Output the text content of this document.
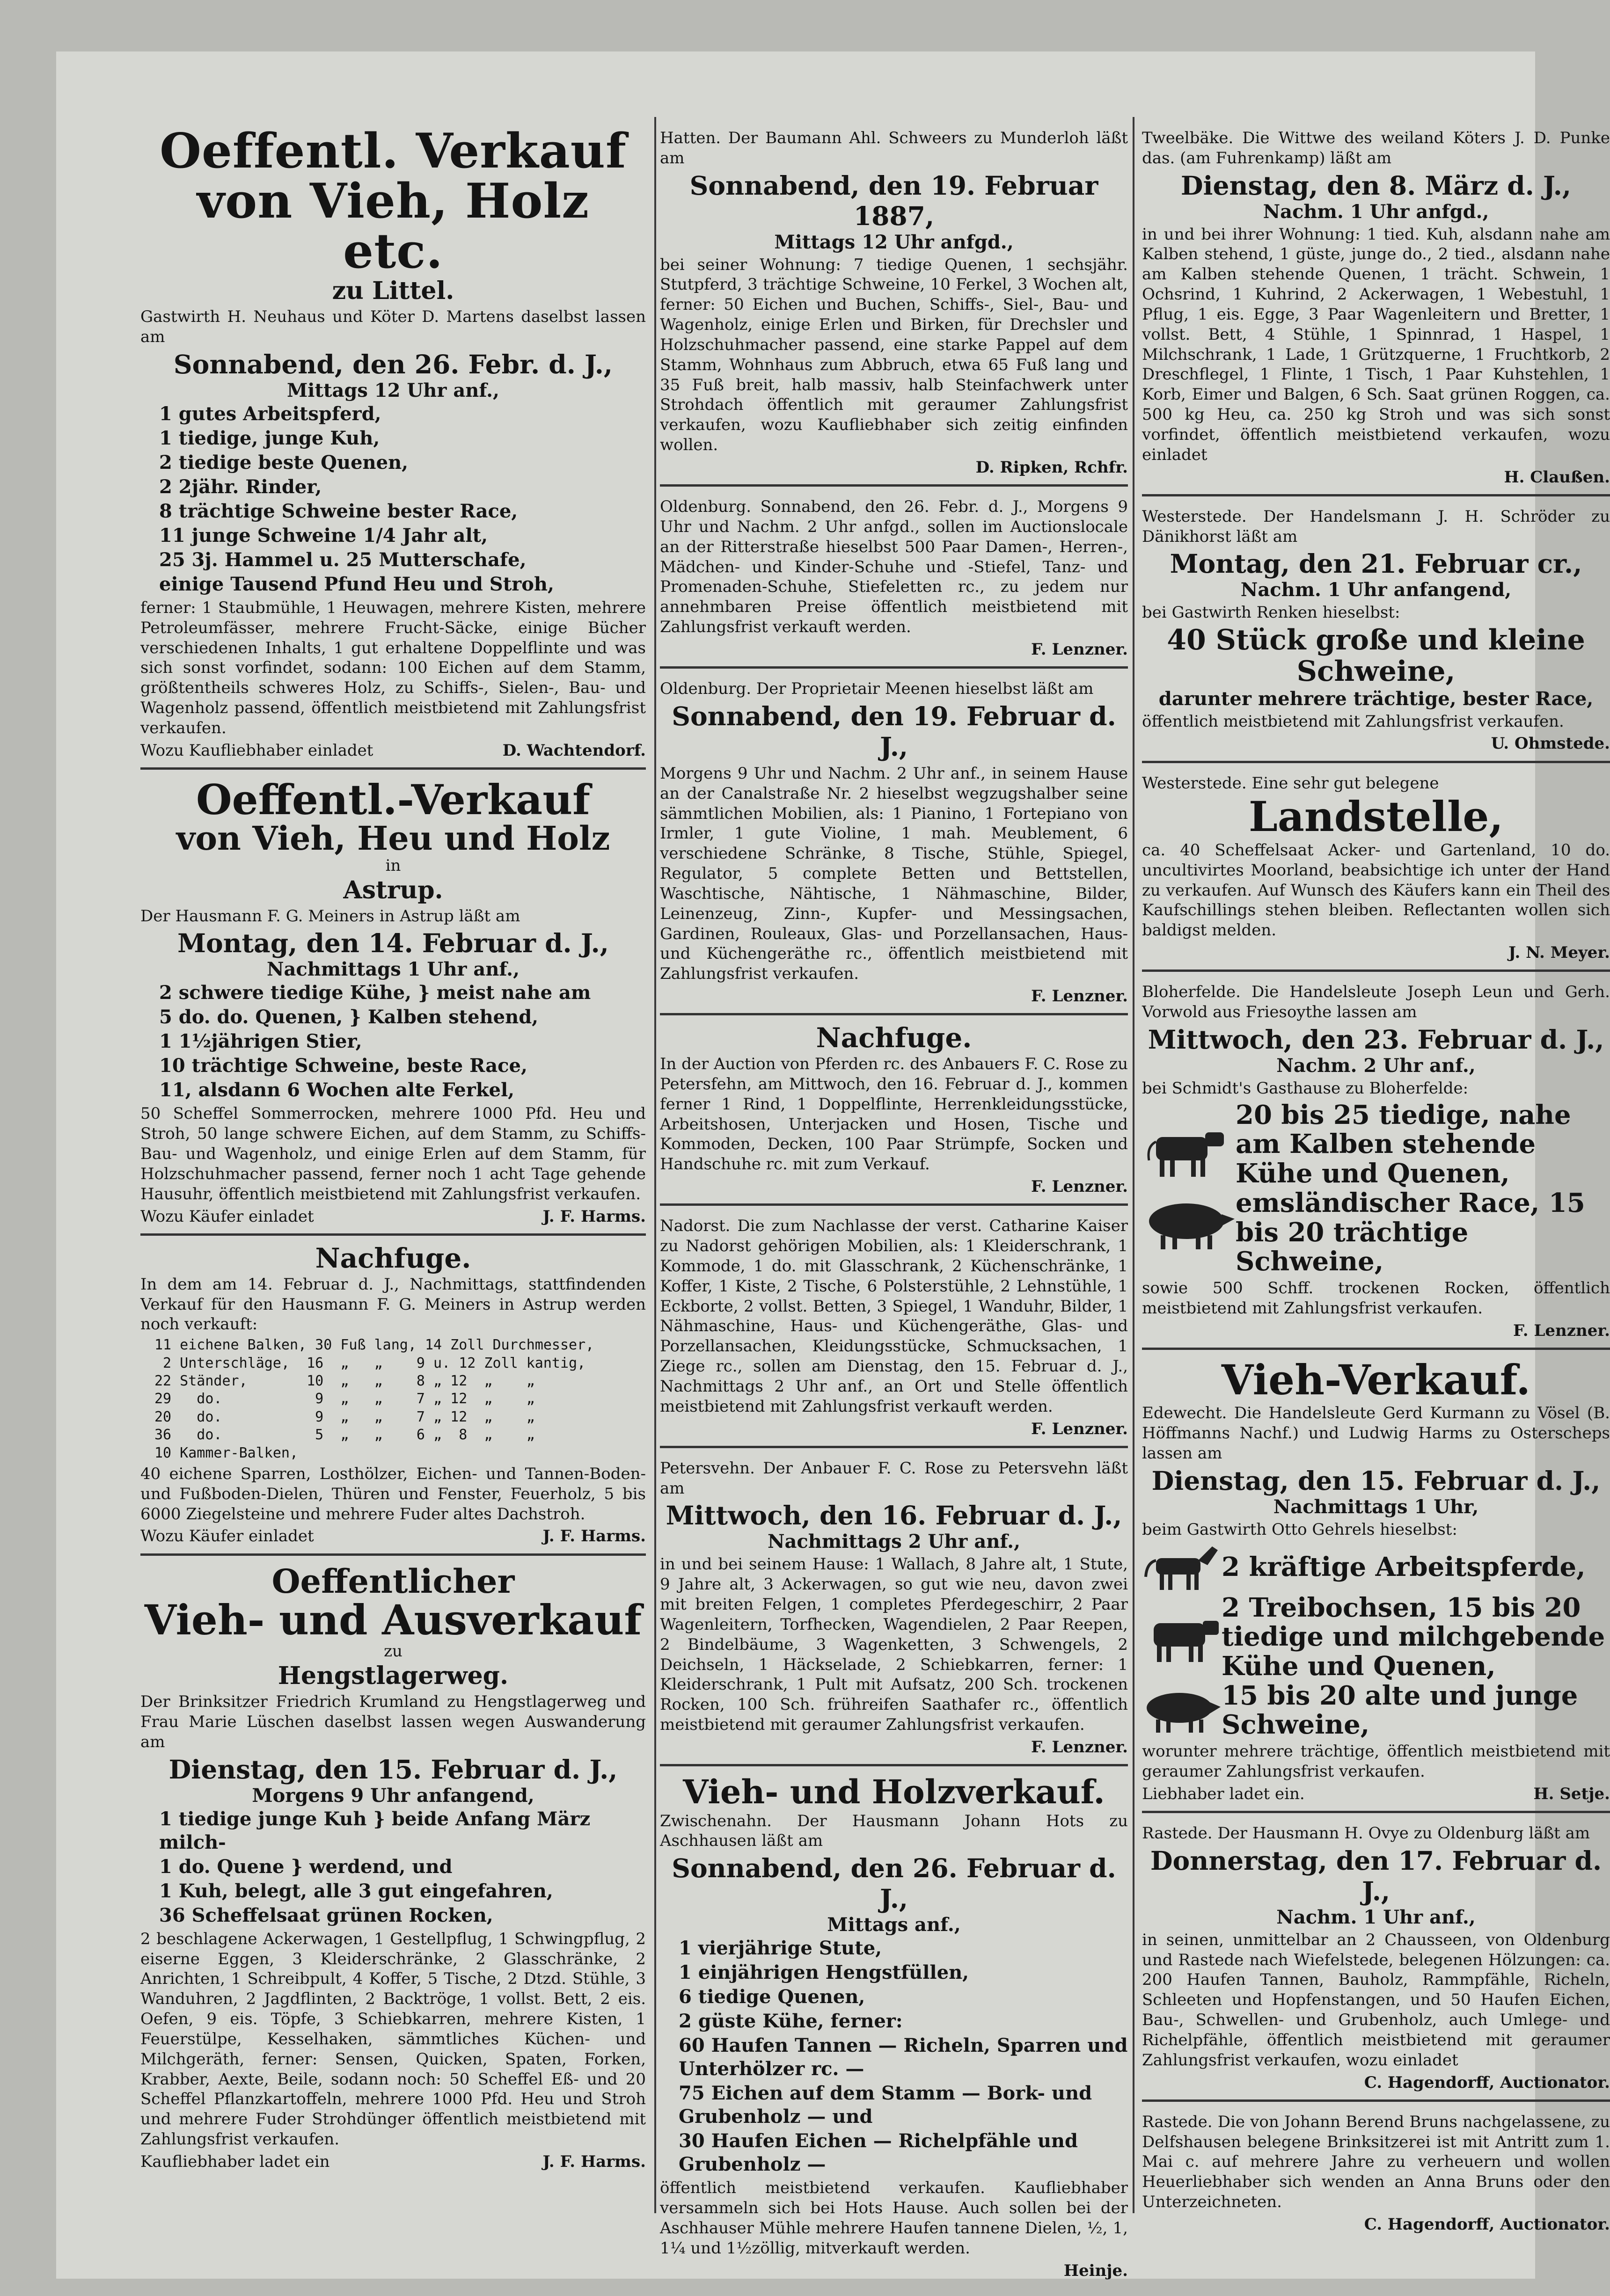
Oeffentl. Verkauf
von Vieh, Holz etc.
zu Littel.

Gastwirth H. Neuhaus und Köter D. Martens daselbst lassen am

Sonnabend, den 26. Febr. d. J.,
Mittags 12 Uhr anf.,
1 gutes Arbeitspferd,
1 tiedige, junge Kuh,
2 tiedige beste Quenen,
2 2jähr. Rinder,
8 trächtige Schweine bester Race,
11 junge Schweine 1/4 Jahr alt,
25 3j. Hammel u. 25 Mutterschafe,
einige Tausend Pfund Heu und Stroh,

ferner: 1 Staubmühle, 1 Heuwagen, mehrere Kisten, mehrere Petroleumfässer, mehrere Frucht-Säcke, einige Bücher verschiedenen Inhalts, 1 gut erhaltene Doppelflinte und was sich sonst vorfindet, sodann: 100 Eichen auf dem Stamm, größtentheils schweres Holz, zu Schiffs-, Sielen-, Bau- und Wagenholz passend, öffentlich meistbietend mit Zahlungsfrist verkaufen.

Wozu Kaufliebhaber einladet	D. Wachtendorf.
Oeffentl.-Verkauf
von Vieh, Heu und Holz
in
Astrup.

Der Hausmann F. G. Meiners in Astrup läßt am

Montag, den 14. Februar d. J.,
Nachmittags 1 Uhr anf.,
2 schwere tiedige Kühe, } meist nahe am
5 do. do. Quenen, } Kalben stehend,
1 1½jährigen Stier,
10 trächtige Schweine, beste Race,
11, alsdann 6 Wochen alte Ferkel,

50 Scheffel Sommerrocken, mehrere 1000 Pfd. Heu und Stroh, 50 lange schwere Eichen, auf dem Stamm, zu Schiffs- Bau- und Wagenholz, und einige Erlen auf dem Stamm, für Holzschuhmacher passend, ferner noch 1 acht Tage gehende Hausuhr, öffentlich meistbietend mit Zahlungsfrist verkaufen.

Wozu Käufer einladet	J. F. Harms.
Nachfuge.

In dem am 14. Februar d. J., Nachmittags, stattfindenden Verkauf für den Hausmann F. G. Meiners in Astrup werden noch verkauft:

11 eichene Balken, 30 Fuß lang, 14 Zoll Durchmesser,
2 Unterschläge,  16  „   „    9 u. 12 Zoll kantig,
22 Ständer,       10  „   „    8 „ 12  „    „
29   do.           9  „   „    7 „ 12  „    „
20   do.           9  „   „    7 „ 12  „    „
36   do.           5  „   „    6 „  8  „    „
10 Kammer-Balken,

40 eichene Sparren, Losthölzer, Eichen- und Tannen-Boden- und Fußboden-Dielen, Thüren und Fenster, Feuerholz, 5 bis 6000 Ziegelsteine und mehrere Fuder altes Dachstroh.

Wozu Käufer einladet	J. F. Harms.
Oeffentlicher
Vieh- und Ausverkauf
zu
Hengstlagerweg.

Der Brinksitzer Friedrich Krumland zu Hengstlagerweg und Frau Marie Lüschen daselbst lassen wegen Auswanderung am

Dienstag, den 15. Februar d. J.,
Morgens 9 Uhr anfangend,
1 tiedige junge Kuh } beide Anfang März milch-
1 do. Quene } werdend, und
1 Kuh, belegt, alle 3 gut eingefahren,
36 Scheffelsaat grünen Rocken,

2 beschlagene Ackerwagen, 1 Gestellpflug, 1 Schwingpflug, 2 eiserne Eggen, 3 Kleiderschränke, 2 Glasschränke, 2 Anrichten, 1 Schreibpult, 4 Koffer, 5 Tische, 2 Dtzd. Stühle, 3 Wanduhren, 2 Jagdflinten, 2 Backtröge, 1 vollst. Bett, 2 eis. Oefen, 9 eis. Töpfe, 3 Schiebkarren, mehrere Kisten, 1 Feuerstülpe, Kesselhaken, sämmtliches Küchen- und Milchgeräth, ferner: Sensen, Quicken, Spaten, Forken, Krabber, Aexte, Beile, sodann noch: 50 Scheffel Eß- und 20 Scheffel Pflanzkartoffeln, mehrere 1000 Pfd. Heu und Stroh und mehrere Fuder Strohdünger öffentlich meistbietend mit Zahlungsfrist verkaufen.

Kaufliebhaber ladet ein	J. F. Harms.

Hatten. Der Baumann Ahl. Schweers zu Munderloh läßt am

Sonnabend, den 19. Februar 1887,
Mittags 12 Uhr anfgd.,

bei seiner Wohnung: 7 tiedige Quenen, 1 sechsjähr. Stutpferd, 3 trächtige Schweine, 10 Ferkel, 3 Wochen alt, ferner: 50 Eichen und Buchen, Schiffs-, Siel-, Bau- und Wagenholz, einige Erlen und Birken, für Drechsler und Holzschuhmacher passend, eine starke Pappel auf dem Stamm, Wohnhaus zum Abbruch, etwa 65 Fuß lang und 35 Fuß breit, halb massiv, halb Steinfachwerk unter Strohdach öffentlich mit geraumer Zahlungsfrist verkaufen, wozu Kaufliebhaber sich zeitig einfinden wollen.

D. Ripken, Rchfr.

Oldenburg. Sonnabend, den 26. Febr. d. J., Morgens 9 Uhr und Nachm. 2 Uhr anfgd., sollen im Auctionslocale an der Ritterstraße hieselbst 500 Paar Damen-, Herren-, Mädchen- und Kinder-Schuhe und -Stiefel, Tanz- und Promenaden-Schuhe, Stiefeletten rc., zu jedem nur annehmbaren Preise öffentlich meistbietend mit Zahlungsfrist verkauft werden.

F. Lenzner.

Oldenburg. Der Proprietair Meenen hieselbst läßt am

Sonnabend, den 19. Februar d. J.,

Morgens 9 Uhr und Nachm. 2 Uhr anf., in seinem Hause an der Canalstraße Nr. 2 hieselbst wegzugshalber seine sämmtlichen Mobilien, als: 1 Pianino, 1 Fortepiano von Irmler, 1 gute Violine, 1 mah. Meublement, 6 verschiedene Schränke, 8 Tische, Stühle, Spiegel, Regulator, 5 complete Betten und Bettstellen, Waschtische, Nähtische, 1 Nähmaschine, Bilder, Leinenzeug, Zinn-, Kupfer- und Messingsachen, Gardinen, Rouleaux, Glas- und Porzellansachen, Haus- und Küchengeräthe rc., öffentlich meistbietend mit Zahlungsfrist verkaufen.

F. Lenzner.
Nachfuge.

In der Auction von Pferden rc. des Anbauers F. C. Rose zu Petersfehn, am Mittwoch, den 16. Februar d. J., kommen ferner 1 Rind, 1 Doppelflinte, Herrenkleidungsstücke, Arbeitshosen, Unterjacken und Hosen, Tische und Kommoden, Decken, 100 Paar Strümpfe, Socken und Handschuhe rc. mit zum Verkauf.

F. Lenzner.

Nadorst. Die zum Nachlasse der verst. Catharine Kaiser zu Nadorst gehörigen Mobilien, als: 1 Kleiderschrank, 1 Kommode, 1 do. mit Glasschrank, 2 Küchenschränke, 1 Koffer, 1 Kiste, 2 Tische, 6 Polsterstühle, 2 Lehnstühle, 1 Eckborte, 2 vollst. Betten, 3 Spiegel, 1 Wanduhr, Bilder, 1 Nähmaschine, Haus- und Küchengeräthe, Glas- und Porzellansachen, Kleidungsstücke, Schmucksachen, 1 Ziege rc., sollen am Dienstag, den 15. Februar d. J., Nachmittags 2 Uhr anf., an Ort und Stelle öffentlich meistbietend mit Zahlungsfrist verkauft werden.

F. Lenzner.

Petersvehn. Der Anbauer F. C. Rose zu Petersvehn läßt am

Mittwoch, den 16. Februar d. J.,
Nachmittags 2 Uhr anf.,

in und bei seinem Hause: 1 Wallach, 8 Jahre alt, 1 Stute, 9 Jahre alt, 3 Ackerwagen, so gut wie neu, davon zwei mit breiten Felgen, 1 completes Pferdegeschirr, 2 Paar Wagenleitern, Torfhecken, Wagendielen, 2 Paar Reepen, 2 Bindelbäume, 3 Wagenketten, 3 Schwengels, 2 Deichseln, 1 Häckselade, 2 Schiebkarren, ferner: 1 Kleiderschrank, 1 Pult mit Aufsatz, 200 Sch. trockenen Rocken, 100 Sch. frühreifen Saathafer rc., öffentlich meistbietend mit geraumer Zahlungsfrist verkaufen.

F. Lenzner.
Vieh- und Holzverkauf.

Zwischenahn. Der Hausmann Johann Hots zu Aschhausen läßt am

Sonnabend, den 26. Februar d. J.,
Mittags anf.,
1 vierjährige Stute,
1 einjährigen Hengstfüllen,
6 tiedige Quenen,
2 güste Kühe, ferner:
60 Haufen Tannen — Richeln, Sparren und Unterhölzer rc. —
75 Eichen auf dem Stamm — Bork- und Grubenholz — und
30 Haufen Eichen — Richelpfähle und Grubenholz —

öffentlich meistbietend verkaufen. Kaufliebhaber versammeln sich bei Hots Hause. Auch sollen bei der Aschhauser Mühle mehrere Haufen tannene Dielen, ½, 1, 1¼ und 1½zöllig, mitverkauft werden.

Heinje.

Tweelbäke. Die Wittwe des weiland Köters J. D. Punke das. (am Fuhrenkamp) läßt am

Dienstag, den 8. März d. J.,
Nachm. 1 Uhr anfgd.,

in und bei ihrer Wohnung: 1 tied. Kuh, alsdann nahe am Kalben stehend, 1 güste, junge do., 2 tied., alsdann nahe am Kalben stehende Quenen, 1 trächt. Schwein, 1 Ochsrind, 1 Kuhrind, 2 Ackerwagen, 1 Webestuhl, 1 Pflug, 1 eis. Egge, 3 Paar Wagenleitern und Bretter, 1 vollst. Bett, 4 Stühle, 1 Spinnrad, 1 Haspel, 1 Milchschrank, 1 Lade, 1 Grützquerne, 1 Fruchtkorb, 2 Dreschflegel, 1 Flinte, 1 Tisch, 1 Paar Kuhstehlen, 1 Korb, Eimer und Balgen, 6 Sch. Saat grünen Roggen, ca. 500 kg Heu, ca. 250 kg Stroh und was sich sonst vorfindet, öffentlich meistbietend verkaufen, wozu einladet

H. Claußen.

Westerstede. Der Handelsmann J. H. Schröder zu Dänikhorst läßt am

Montag, den 21. Februar cr.,
Nachm. 1 Uhr anfangend,

bei Gastwirth Renken hieselbst:

40 Stück große und kleine Schweine,
darunter mehrere trächtige, bester Race,

öffentlich meistbietend mit Zahlungsfrist verkaufen.

U. Ohmstede.

Westerstede. Eine sehr gut belegene

Landstelle,

ca. 40 Scheffelsaat Acker- und Gartenland, 10 do. uncultivirtes Moorland, beabsichtige ich unter der Hand zu verkaufen. Auf Wunsch des Käufers kann ein Theil des Kaufschillings stehen bleiben. Reflectanten wollen sich baldigst melden.

J. N. Meyer.

Bloherfelde. Die Handelsleute Joseph Leun und Gerh. Vorwold aus Friesoythe lassen am

Mittwoch, den 23. Februar d. J.,
Nachm. 2 Uhr anf.,

bei Schmidt's Gasthause zu Bloherfelde:

20 bis 25 tiedige, nahe am Kalben stehende Kühe und Quenen, emsländischer Race, 15 bis 20 trächtige Schweine,

sowie 500 Schff. trockenen Rocken, öffentlich meistbietend mit Zahlungsfrist verkaufen.

F. Lenzner.
Vieh-Verkauf.

Edewecht. Die Handelsleute Gerd Kurmann zu Vösel (B. Höffmanns Nachf.) und Ludwig Harms zu Osterscheps lassen am

Dienstag, den 15. Februar d. J.,
Nachmittags 1 Uhr,

beim Gastwirth Otto Gehrels hieselbst:

2 kräftige Arbeitspferde,
2 Treibochsen, 15 bis 20 tiedige und milchgebende Kühe und Quenen,
15 bis 20 alte und junge Schweine,

worunter mehrere trächtige, öffentlich meistbietend mit geraumer Zahlungsfrist verkaufen.

Liebhaber ladet ein.	H. Setje.

Rastede. Der Hausmann H. Ovye zu Oldenburg läßt am

Donnerstag, den 17. Februar d. J.,
Nachm. 1 Uhr anf.,

in seinen, unmittelbar an 2 Chausseen, von Oldenburg und Rastede nach Wiefelstede, belegenen Hölzungen: ca. 200 Haufen Tannen, Bauholz, Rammpfähle, Richeln, Schleeten und Hopfenstangen, und 50 Haufen Eichen, Bau-, Schwellen- und Grubenholz, auch Umlege- und Richelpfähle, öffentlich meistbietend mit geraumer Zahlungsfrist verkaufen, wozu einladet

C. Hagendorff, Auctionator.

Rastede. Die von Johann Berend Bruns nachgelassene, zu Delfshausen belegene Brinksitzerei ist mit Antritt zum 1. Mai c. auf mehrere Jahre zu verheuern und wollen Heuerliebhaber sich wenden an Anna Bruns oder den Unterzeichneten.

C. Hagendorff, Auctionator.
